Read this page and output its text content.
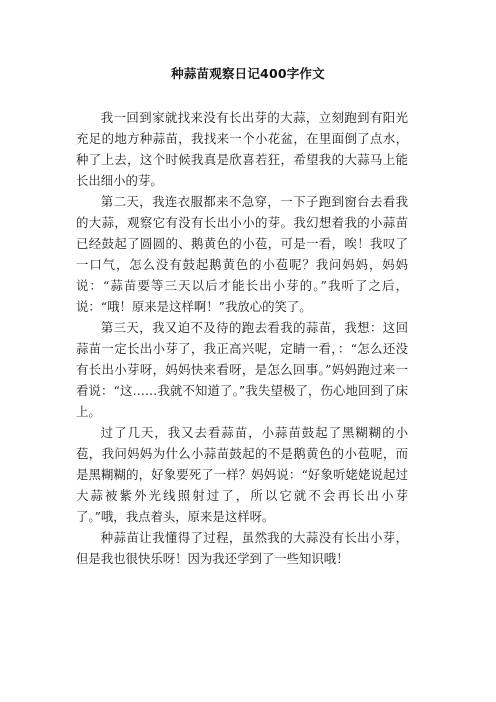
种蒜苗观察日记400字作文

我一回到家就找来没有长出芽的大蒜，立刻跑到有阳光充足的地方种蒜苗，我找来一个小花盆，在里面倒了点水，种了上去，这个时候我真是欣喜若狂，希望我的大蒜马上能长出细小的芽。

第二天，我连衣服都来不急穿，一下子跑到窗台去看我的大蒜，观察它有没有长出小小的芽。我幻想着我的小蒜苗已经鼓起了圆圆的、鹅黄色的小苞，可是一看，唉！我叹了一口气，怎么没有鼓起鹅黄色的小苞呢？我问妈妈，妈妈说：“蒜苗要等三天以后才能长出小芽的。”我听了之后，说：“哦！原来是这样啊！”我放心的笑了。

第三天，我又迫不及待的跑去看我的蒜苗，我想：这回蒜苗一定长出小芽了，我正高兴呢，定睛一看，：“怎么还没有长出小芽呀，妈妈快来看呀，是怎么回事。”妈妈跑过来一看说：“这……我就不知道了。”我失望极了，伤心地回到了床上。

过了几天，我又去看蒜苗，小蒜苗鼓起了黑糊糊的小苞，我问妈妈为什么小蒜苗鼓起的不是鹅黄色的小苞呢，而是黑糊糊的，好象要死了一样？妈妈说：“好象听姥姥说起过大蒜被紫外光线照射过了，所以它就不会再长出小芽了。”哦，我点着头，原来是这样呀。

种蒜苗让我懂得了过程，虽然我的大蒜没有长出小芽，但是我也很快乐呀！因为我还学到了一些知识哦！
